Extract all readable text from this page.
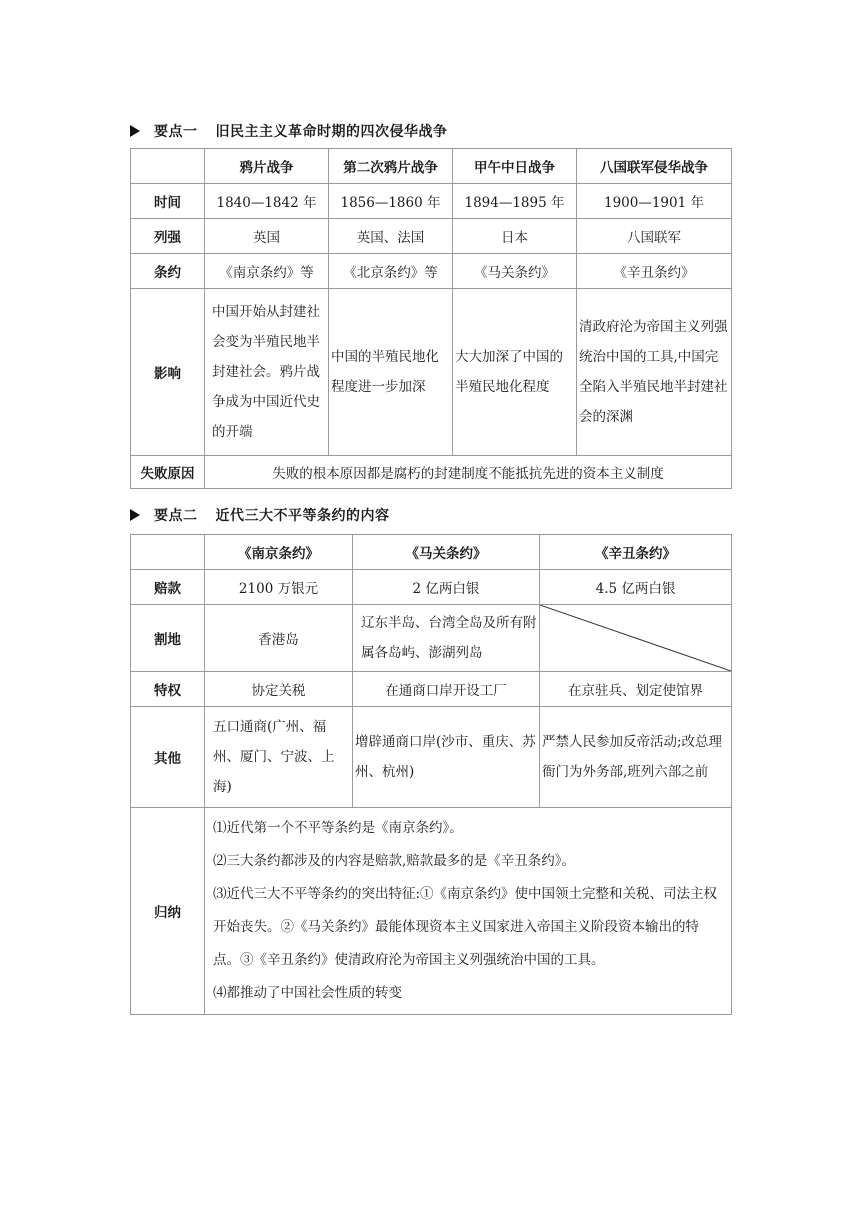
要点一 旧民主主义革命时期的四次侵华战争
	鸦片战争	第二次鸦片战争	甲午中日战争	八国联军侵华战争
时间	1840—1842 年	1856—1860 年	1894—1895 年	1900—1901 年
列强	英国	英国、法国	日本	八国联军
条约	《南京条约》等	《北京条约》等	《马关条约》	《辛丑条约》
影响	中国开始从封建社会变为半殖民地半封建社会。鸦片战争成为中国近代史的开端	中国的半殖民地化程度进一步加深	大大加深了中国的半殖民地化程度	清政府沦为帝国主义列强统治中国的工具,中国完全陷入半殖民地半封建社会的深渊
失败原因	失败的根本原因都是腐朽的封建制度不能抵抗先进的资本主义制度			
要点二 近代三大不平等条约的内容
	《南京条约》	《马关条约》	《辛丑条约》
赔款	2100 万银元	2 亿两白银	4.5 亿两白银
割地	香港岛	辽东半岛、台湾全岛及所有附属各岛屿、澎湖列岛	

特权	协定关税	在通商口岸开设工厂	在京驻兵、划定使馆界
其他	五口通商(广州、福州、厦门、宁波、上海)	增辟通商口岸(沙市、重庆、苏州、杭州)	严禁人民参加反帝活动;改总理衙门为外务部,班列六部之前
归纳	⑴近代第一个不平等条约是《南京条约》。

⑵三大条约都涉及的内容是赔款,赔款最多的是《辛丑条约》。

⑶近代三大不平等条约的突出特征:①《南京条约》使中国领土完整和关税、司法主权开始丧失。②《马关条约》最能体现资本主义国家进入帝国主义阶段资本输出的特点。③《辛丑条约》使清政府沦为帝国主义列强统治中国的工具。

⑷都推动了中国社会性质的转变		
